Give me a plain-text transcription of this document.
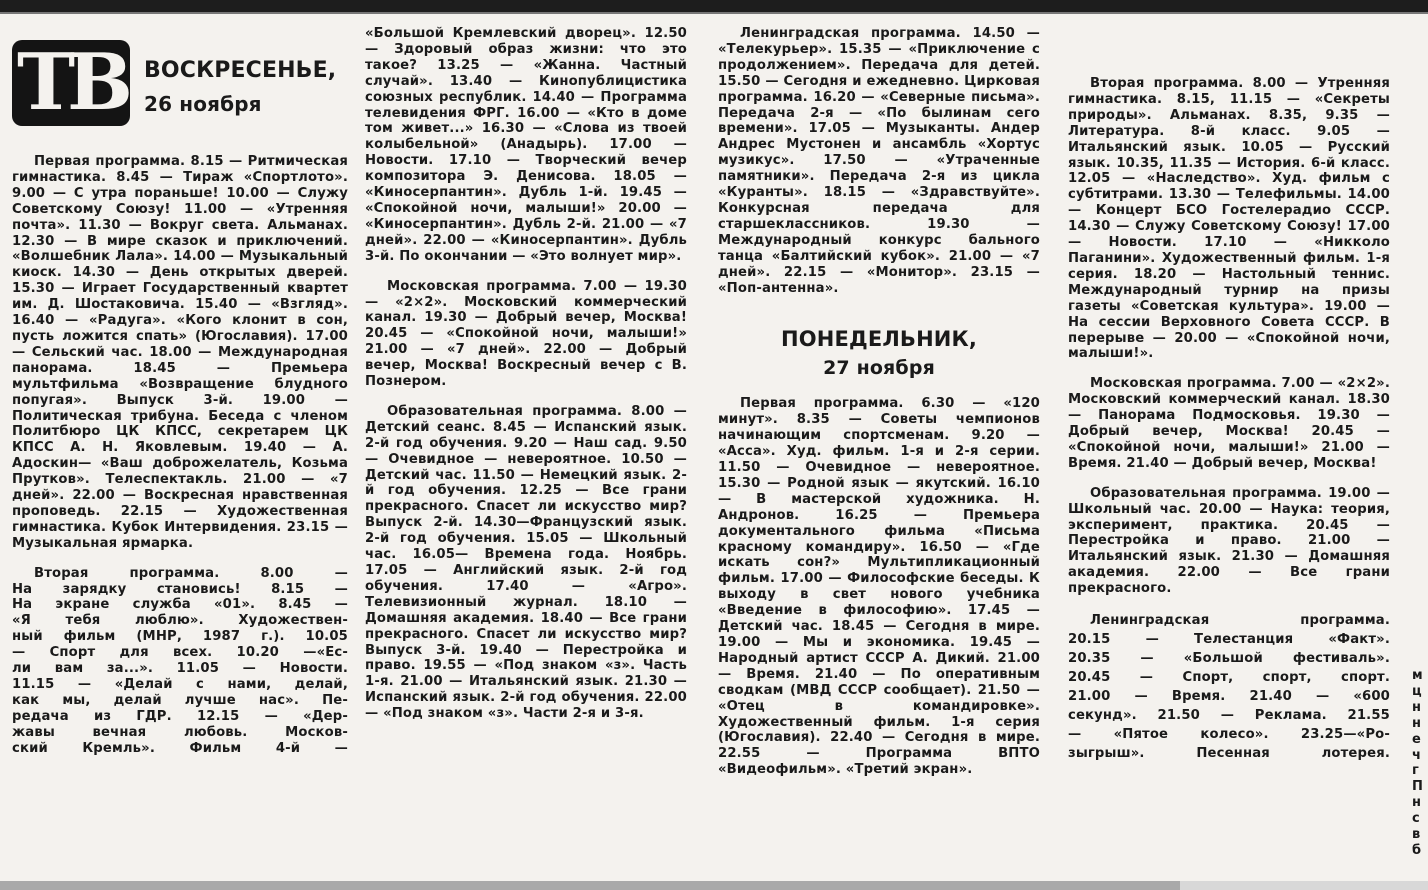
ТВ ВОСКРЕСЕНЬЕ,
26 ноября

Первая программа. 8.15 — Ритмическая гимнастика. 8.45 — Тираж «Спортлото». 9.00 — С утра пораньше! 10.00 — Служу Советскому Союзу! 11.00 — «Утренняя почта». 11.30 — Вокруг света. Альманах. 12.30 — В мире сказок и приключений. «Волшебник Лала». 14.00 — Музыкальный киоск. 14.30 — День открытых дверей. 15.30 — Играет Государственный квартет им. Д. Шостаковича. 15.40 — «Взгляд». 16.40 — «Радуга». «Кого клонит в сон, пусть ложится спать» (Югославия). 17.00 — Сельский час. 18.00 — Международная панорама. 18.45 — Премьера мультфильма «Возвращение блудного попугая». Выпуск 3-й. 19.00 — Политическая трибуна. Беседа с членом Политбюро ЦК КПСС, секретарем ЦК КПСС А. Н. Яковлевым. 19.40 — А. Адоскин— «Ваш доброжелатель, Козьма Прутков». Телеспектакль. 21.00 — «7 дней». 22.00 — Воскресная нравственная проповедь. 22.15 — Художественная гимнастика. Кубок Интервидения. 23.15 — Музыкальная ярмарка.

Вторая программа. 8.00 —
На зарядку становись! 8.15 —
На экране служба «01». 8.45 —
«Я тебя люблю». Художествен-
ный фильм (МНР, 1987 г.). 10.05
— Спорт для всех. 10.20 —«Ес-
ли вам за...». 11.05 — Новости.
11.15 — «Делай с нами, делай,
как мы, делай лучше нас». Пе-
редача из ГДР. 12.15 — «Дер-
жавы вечная любовь. Москов-
ский Кремль». Фильм 4-й —

«Большой Кремлевский дворец». 12.50 — Здоровый образ жизни: что это такое? 13.25 — «Жанна. Частный случай». 13.40 — Кинопублицистика союзных республик. 14.40 — Программа телевидения ФРГ. 16.00 — «Кто в доме том живет...» 16.30 — «Слова из твоей колыбельной» (Анадырь). 17.00 — Новости. 17.10 — Творческий вечер композитора Э. Денисова. 18.05 — «Киносерпантин». Дубль 1-й. 19.45 — «Спокойной ночи, малыши!» 20.00 — «Киносерпантин». Дубль 2-й. 21.00 — «7 дней». 22.00 — «Киносерпантин». Дубль 3-й. По окончании — «Это волнует мир».

Московская программа. 7.00 — 19.30 — «2×2». Московский коммерческий канал. 19.30 — Добрый вечер, Москва! 20.45 — «Спокойной ночи, малыши!» 21.00 — «7 дней». 22.00 — Добрый вечер, Москва! Воскресный вечер с В. Познером.

Образовательная программа. 8.00 — Детский сеанс. 8.45 — Испанский язык. 2-й год обучения. 9.20 — Наш сад. 9.50 — Очевидное — невероятное. 10.50 — Детский час. 11.50 — Немецкий язык. 2-й год обучения. 12.25 — Все грани прекрасного. Спасет ли искусство мир? Выпуск 2-й. 14.30—Французский язык. 2-й год обучения. 15.05 — Школьный час. 16.05— Времена года. Ноябрь. 17.05 — Английский язык. 2-й год обучения. 17.40 — «Агро». Телевизионный журнал. 18.10 — Домашняя академия. 18.40 — Все грани прекрасного. Спасет ли искусство мир? Выпуск 3-й. 19.40 — Перестройка и право. 19.55 — «Под знаком «з». Часть 1-я. 21.00 — Итальянский язык. 21.30 —Испанский язык. 2-й год обучения. 22.00 — «Под знаком «з». Части 2-я и 3-я.

Ленинградская программа. 14.50 — «Телекурьер». 15.35 — «Приключение с продолжением». Передача для детей. 15.50 — Сегодня и ежедневно. Цирковая программа. 16.20 — «Северные письма». Передача 2-я — «По былинам сего времени». 17.05 — Музыканты. Андер Андрес Мустонен и ансамбль «Хортус музикус». 17.50 — «Утраченные памятники». Передача 2-я из цикла «Куранты». 18.15 — «Здравствуйте». Конкурсная передача для старшеклассников. 19.30 — Международный конкурс бального танца «Балтийский кубок». 21.00 — «7 дней». 22.15 — «Монитор». 23.15 — «Поп-антенна».

ПОНЕДЕЛЬНИК,
27 ноября

Первая программа. 6.30 — «120 минут». 8.35 — Советы чемпионов начинающим спортсменам. 9.20 — «Асса». Худ. фильм. 1-я и 2-я серии. 11.50 — Очевидное — невероятное. 15.30 — Родной язык — якутский. 16.10 — В мастерской художника. Н. Андронов. 16.25 — Премьера документального фильма «Письма красному командиру». 16.50 — «Где искать сон?» Мультипликационный фильм. 17.00 — Философские беседы. К выходу в свет нового учебника «Введение в философию». 17.45 — Детский час. 18.45 — Сегодня в мире. 19.00 — Мы и экономика. 19.45 — Народный артист СССР А. Дикий. 21.00 — Время. 21.40 — По оперативным сводкам (МВД СССР сообщает). 21.50 — «Отец в командировке». Художественный фильм. 1-я серия (Югославия). 22.40 — Сегодня в мире. 22.55 — Программа ВПТО «Видеофильм». «Третий экран».

Вторая программа. 8.00 — Утренняя гимнастика. 8.15, 11.15 — «Секреты природы». Альманах. 8.35, 9.35 — Литература. 8-й класс. 9.05 — Итальянский язык. 10.05 — Русский язык. 10.35, 11.35 — История. 6-й класс. 12.05 — «Наследство». Худ. фильм с субтитрами. 13.30 — Телефильмы. 14.00 — Концерт БСО Гостелерадио СССР. 14.30 — Служу Советскому Союзу! 17.00 — Новости. 17.10 — «Никколо Паганини». Художественный фильм. 1-я серия. 18.20 — Настольный теннис. Международный турнир на призы газеты «Советская культура». 19.00 — На сессии Верховного Совета СССР. В перерыве — 20.00 — «Спокойной ночи, малыши!».

Московская программа. 7.00 — «2×2». Московский коммерческий канал. 18.30 — Панорама Подмосковья. 19.30 — Добрый вечер, Москва! 20.45 — «Спокойной ночи, малыши!» 21.00 — Время. 21.40 — Добрый вечер, Москва!

Образовательная программа. 19.00 — Школьный час. 20.00 — Наука: теория, эксперимент, практика. 20.45 — Перестройка и право. 21.00 — Итальянский язык. 21.30 — Домашняя академия. 22.00 — Все грани прекрасного.

Ленинградская программа.
20.15 — Телестанция «Факт».
20.35 — «Большой фестиваль».
20.45 — Спорт, спорт, спорт.
21.00 — Время. 21.40 — «600
секунд». 21.50 — Реклама. 21.55
— «Пятое колесо». 23.25—«Ро-
зыгрыш». Песенная лотерея.
м
ц
н
н
е
ч
г
П
н
с
в
б
